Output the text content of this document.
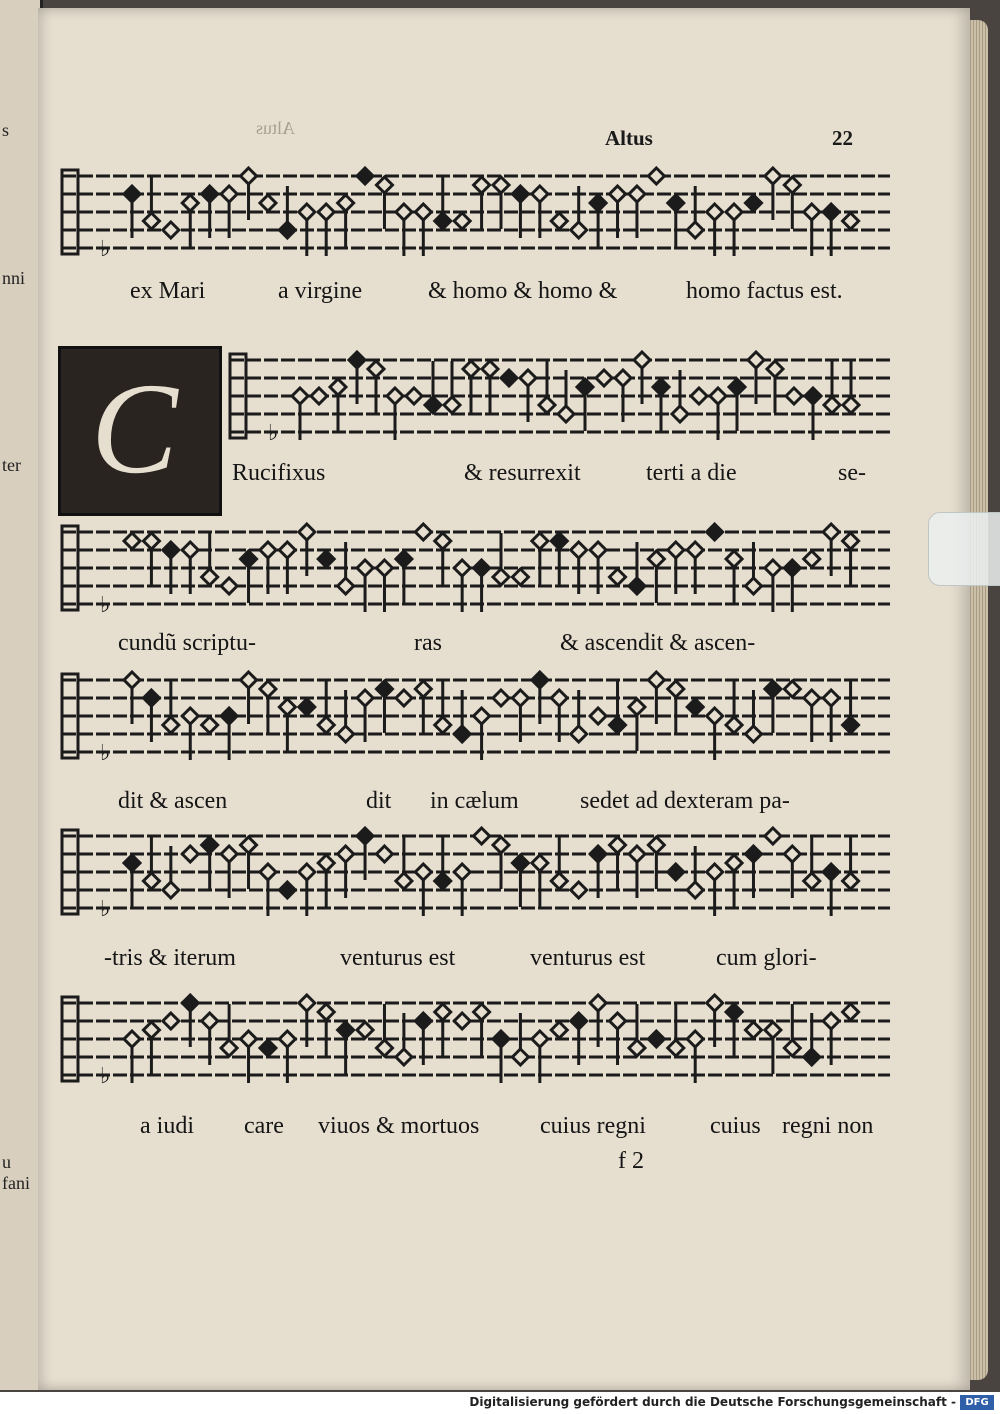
s
nni
ter
u fani
Altus	Altus	22
♭
♭
♭
♭
♭
♭
C
ex Mari	a virgine	& homo & homo &	homo factus est.
Rucifixus	& resurrexit	terti a die	se-
cundũ scriptu-	ras	& ascendit & ascen-
dit & ascen	dit in cælum	sedet ad dexteram pa-
-tris & iterum	venturus est	venturus est	cum glori-
a iudi care viuos & mortuos	cuius regni	cuius regni non
f 2
Digitalisierung gefördert durch die Deutsche Forschungsgemeinschaft - DFG
